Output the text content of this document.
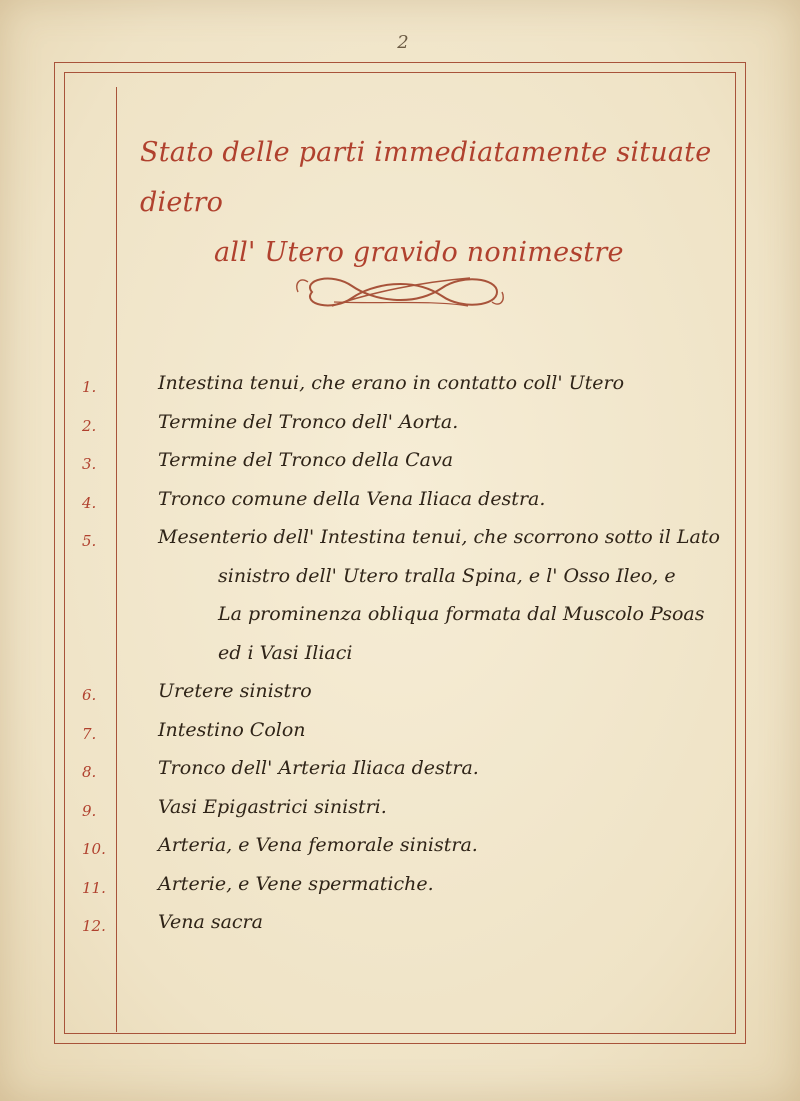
2
Stato delle parti immediatamente situate dietro
all' Utero gravido nonimestre
1.	Intestina tenui, che erano in contatto coll' Utero
2.	Termine del Tronco dell' Aorta.
3.	Termine del Tronco della Cava
4.	Tronco comune della Vena Iliaca destra.
5.	Mesenterio dell' Intestina tenui, che scorrono sotto il Lato
sinistro dell' Utero tralla Spina, e l' Osso Ileo, e
La prominenza obliqua formata dal Muscolo Psoas
ed i Vasi Iliaci
6.	Uretere sinistro
7.	Intestino Colon
8.	Tronco dell' Arteria Iliaca destra.
9.	Vasi Epigastrici sinistri.
10.	Arteria, e Vena femorale sinistra.
11.	Arterie, e Vene spermatiche.
12.	Vena sacra
